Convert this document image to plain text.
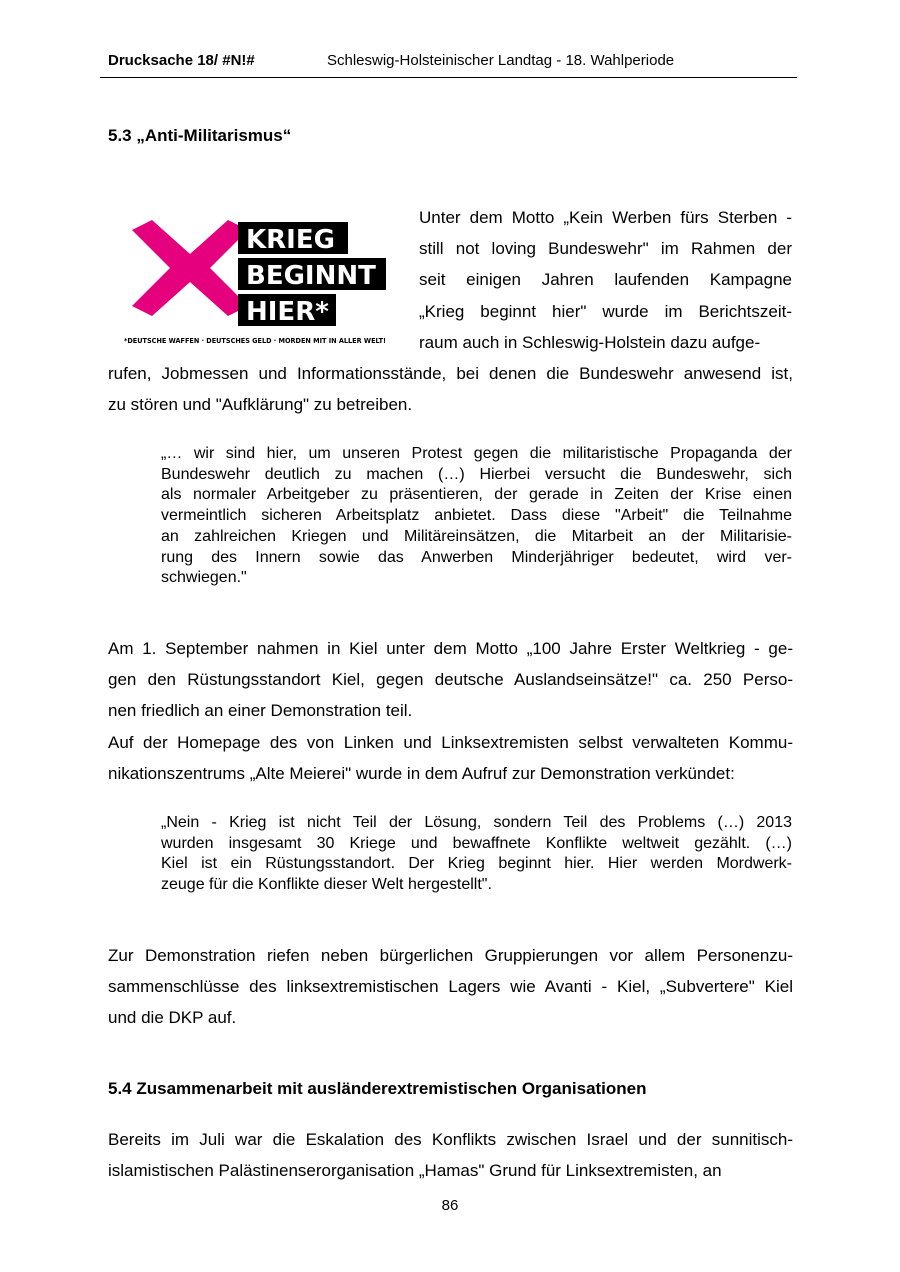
Drucksache 18/ #N!#	Schleswig-Holsteinischer Landtag - 18. Wahlperiode
5.3 „Anti-Militarismus“
KRIEG
BEGINNT
HIER*
*DEUTSCHE WAFFEN · DEUTSCHES GELD · MORDEN MIT IN ALLER WELT!
Unter dem Motto „Kein Werben fürs Sterben -
still not loving Bundeswehr" im Rahmen der
seit einigen Jahren laufenden Kampagne
„Krieg beginnt hier" wurde im Berichtszeit-
raum auch in Schleswig-Holstein dazu aufge-
rufen, Jobmessen und Informationsstände, bei denen die Bundeswehr anwesend ist,
zu stören und "Aufklärung" zu betreiben.
„… wir sind hier, um unseren Protest gegen die militaristische Propaganda der
Bundeswehr deutlich zu machen (…) Hierbei versucht die Bundeswehr, sich
als normaler Arbeitgeber zu präsentieren, der gerade in Zeiten der Krise einen
vermeintlich sicheren Arbeitsplatz anbietet. Dass diese "Arbeit" die Teilnahme
an zahlreichen Kriegen und Militäreinsätzen, die Mitarbeit an der Militarisie-
rung des Innern sowie das Anwerben Minderjähriger bedeutet, wird ver-
schwiegen."
Am 1. September nahmen in Kiel unter dem Motto „100 Jahre Erster Weltkrieg - ge-
gen den Rüstungsstandort Kiel, gegen deutsche Auslandseinsätze!" ca. 250 Perso-
nen friedlich an einer Demonstration teil.
Auf der Homepage des von Linken und Linksextremisten selbst verwalteten Kommu-
nikationszentrums „Alte Meierei" wurde in dem Aufruf zur Demonstration verkündet:
„Nein - Krieg ist nicht Teil der Lösung, sondern Teil des Problems (…) 2013
wurden insgesamt 30 Kriege und bewaffnete Konflikte weltweit gezählt. (…)
Kiel ist ein Rüstungsstandort. Der Krieg beginnt hier. Hier werden Mordwerk-
zeuge für die Konflikte dieser Welt hergestellt".
Zur Demonstration riefen neben bürgerlichen Gruppierungen vor allem Personenzu-
sammenschlüsse des linksextremistischen Lagers wie Avanti - Kiel, „Subvertere" Kiel
und die DKP auf.
5.4 Zusammenarbeit mit ausländerextremistischen Organisationen
Bereits im Juli war die Eskalation des Konflikts zwischen Israel und der sunnitisch-
islamistischen Palästinenserorganisation „Hamas" Grund für Linksextremisten, an
86
